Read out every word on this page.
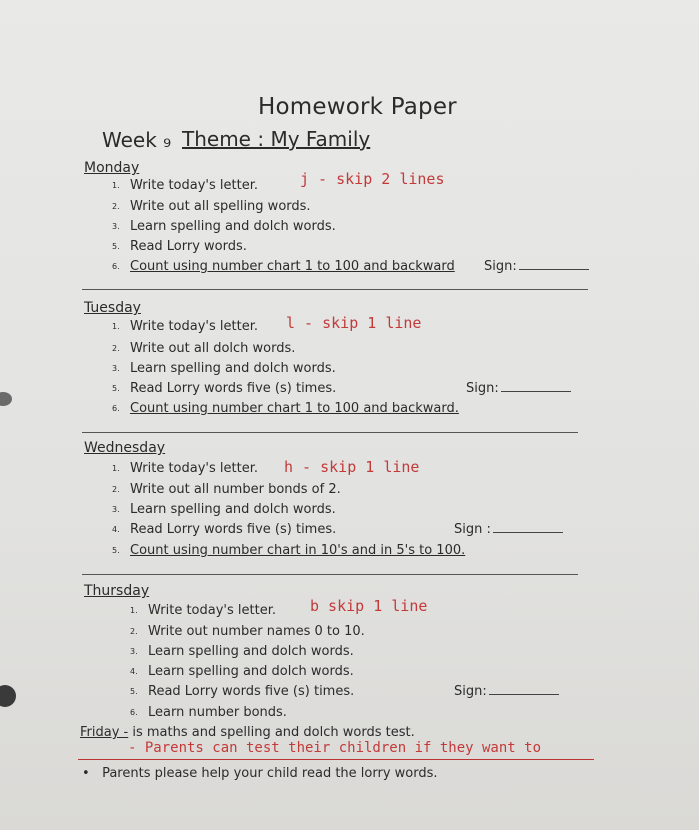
Homework Paper
Week ₉ Theme : My Family
Monday
1. Write today's letter.
2. Write out all spelling words.
3. Learn spelling and dolch words.
5. Read Lorry words.
6. Count using number chart 1 to 100 and backward
j - skip 2 lines
Sign:
Tuesday
1. Write today's letter.
2. Write out all dolch words.
3. Learn spelling and dolch words.
5. Read Lorry words five (s) times.
6. Count using number chart 1 to 100 and backward.
l - skip 1 line
Sign:
Wednesday
1. Write today's letter.
2. Write out all number bonds of 2.
3. Learn spelling and dolch words.
4. Read Lorry words five (s) times.
5. Count using number chart in 10's and in 5's to 100.
h - skip 1 line
Sign :
Thursday
1. Write today's letter.
2. Write out number names 0 to 10.
3. Learn spelling and dolch words.
4. Learn spelling and dolch words.
5. Read Lorry words five (s) times.
6. Learn number bonds.
b skip 1 line
Sign:
Friday - is maths and spelling and dolch words test.
- Parents can test their children if they want to
• Parents please help your child read the lorry words.
